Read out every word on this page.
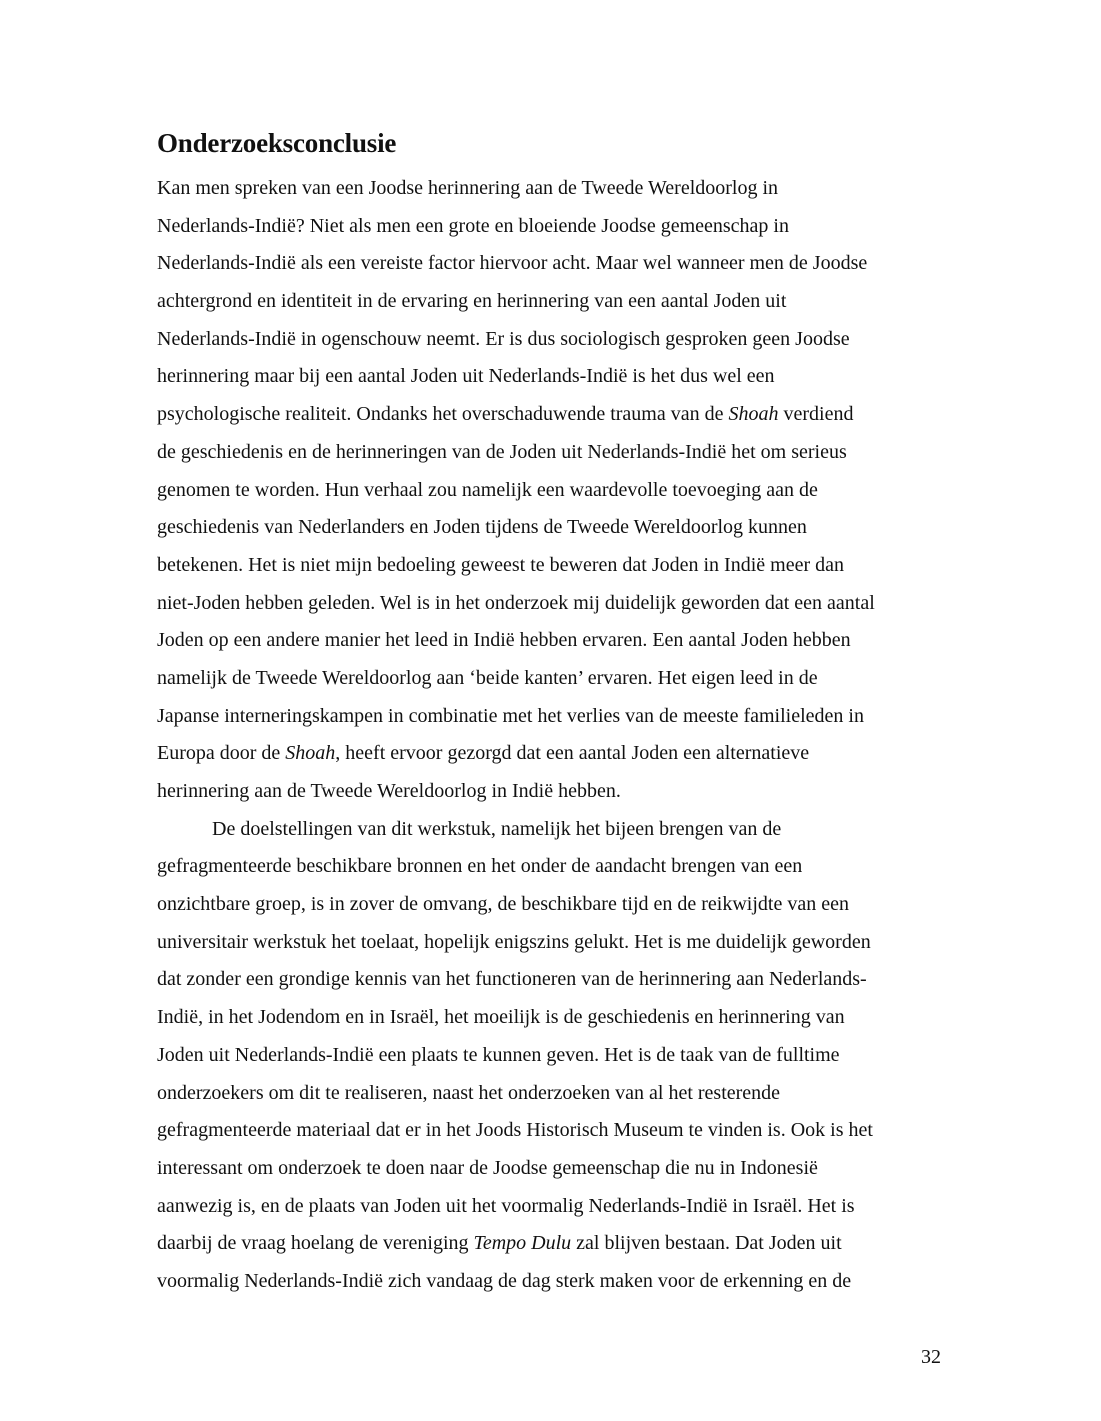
Onderzoeksconclusie
Kan men spreken van een Joodse herinnering aan de Tweede Wereldoorlog in
Nederlands-Indië? Niet als men een grote en bloeiende Joodse gemeenschap in
Nederlands-Indië als een vereiste factor hiervoor acht. Maar wel wanneer men de Joodse
achtergrond en identiteit in de ervaring en herinnering van een aantal Joden uit
Nederlands-Indië in ogenschouw neemt. Er is dus sociologisch gesproken geen Joodse
herinnering maar bij een aantal Joden uit Nederlands-Indië is het dus wel een
psychologische realiteit. Ondanks het overschaduwende trauma van de Shoah verdiend
de geschiedenis en de herinneringen van de Joden uit Nederlands-Indië het om serieus
genomen te worden. Hun verhaal zou namelijk een waardevolle toevoeging aan de
geschiedenis van Nederlanders en Joden tijdens de Tweede Wereldoorlog kunnen
betekenen. Het is niet mijn bedoeling geweest te beweren dat Joden in Indië meer dan
niet-Joden hebben geleden. Wel is in het onderzoek mij duidelijk geworden dat een aantal
Joden op een andere manier het leed in Indië hebben ervaren. Een aantal Joden hebben
namelijk de Tweede Wereldoorlog aan ‘beide kanten’ ervaren. Het eigen leed in de
Japanse interneringskampen in combinatie met het verlies van de meeste familieleden in
Europa door de Shoah, heeft ervoor gezorgd dat een aantal Joden een alternatieve
herinnering aan de Tweede Wereldoorlog in Indië hebben.
De doelstellingen van dit werkstuk, namelijk het bijeen brengen van de
gefragmenteerde beschikbare bronnen en het onder de aandacht brengen van een
onzichtbare groep, is in zover de omvang, de beschikbare tijd en de reikwijdte van een
universitair werkstuk het toelaat, hopelijk enigszins gelukt. Het is me duidelijk geworden
dat zonder een grondige kennis van het functioneren van de herinnering aan Nederlands-
Indië, in het Jodendom en in Israël, het moeilijk is de geschiedenis en herinnering van
Joden uit Nederlands-Indië een plaats te kunnen geven. Het is de taak van de fulltime
onderzoekers om dit te realiseren, naast het onderzoeken van al het resterende
gefragmenteerde materiaal dat er in het Joods Historisch Museum te vinden is. Ook is het
interessant om onderzoek te doen naar de Joodse gemeenschap die nu in Indonesië
aanwezig is, en de plaats van Joden uit het voormalig Nederlands-Indië in Israël. Het is
daarbij de vraag hoelang de vereniging Tempo Dulu zal blijven bestaan. Dat Joden uit
voormalig Nederlands-Indië zich vandaag de dag sterk maken voor de erkenning en de
32
